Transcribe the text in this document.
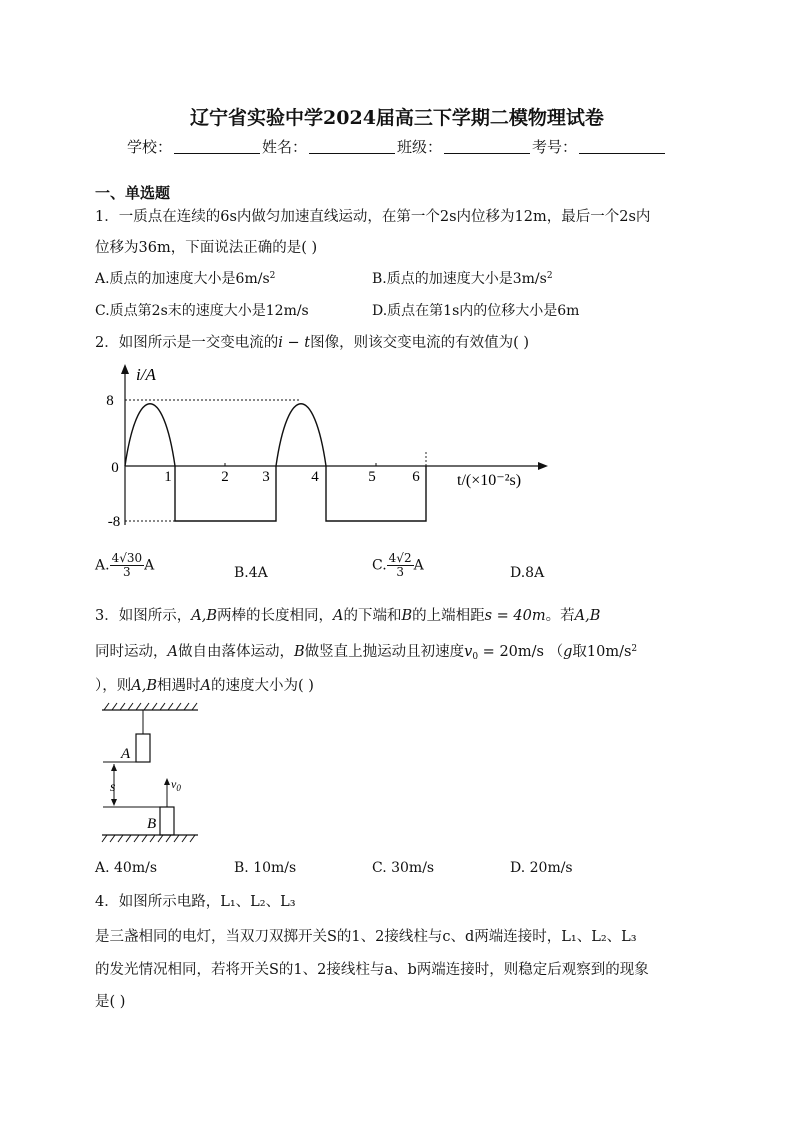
辽宁省实验中学2024届高三下学期二模物理试卷
学校：	姓名：	班级：	考号：
一、单选题
1．一质点在连续的6s内做匀加速直线运动，在第一个2s内位移为12m，最后一个2s内
位移为36m，下面说法正确的是( )
A.质点的加速度大小是$6m/s^2$	B.质点的加速度大小是$3m/s^2$
C.质点第2s末的速度大小是12m/s	D.质点在第1s内的位移大小是6m
2．如图所示是一交变电流的i − t图像，则该交变电流的有效值为( )
i/A
8
-8
0
1	2 3	4	5 6 t/(×10⁻²s)
A. $\frac{4√30}{3}$ A	B.4A	C. $\frac{4√2}{3}$ A	D.8A
3．如图所示，A,B两棒的长度相同，A的下端和B的上端相距s = 40m。若A,B
同时运动，A做自由落体运动，B做竖直上抛运动且初速度$v_0 = 20m/s$ （g取$10m/s^2$
），则A,B相遇时A的速度大小为( )
A
s
B
$v_0$
A. 40m/s	B. 10m/s	C. 30m/s	D. 20m/s
4．如图所示电路，L₁、L₂、L₃
是三盏相同的电灯，当双刀双掷开关S的1、2接线柱与c、d两端连接时，L₁、L₂、L₃
的发光情况相同，若将开关S的1、2接线柱与a、b两端连接时，则稳定后观察到的现象
是( )
